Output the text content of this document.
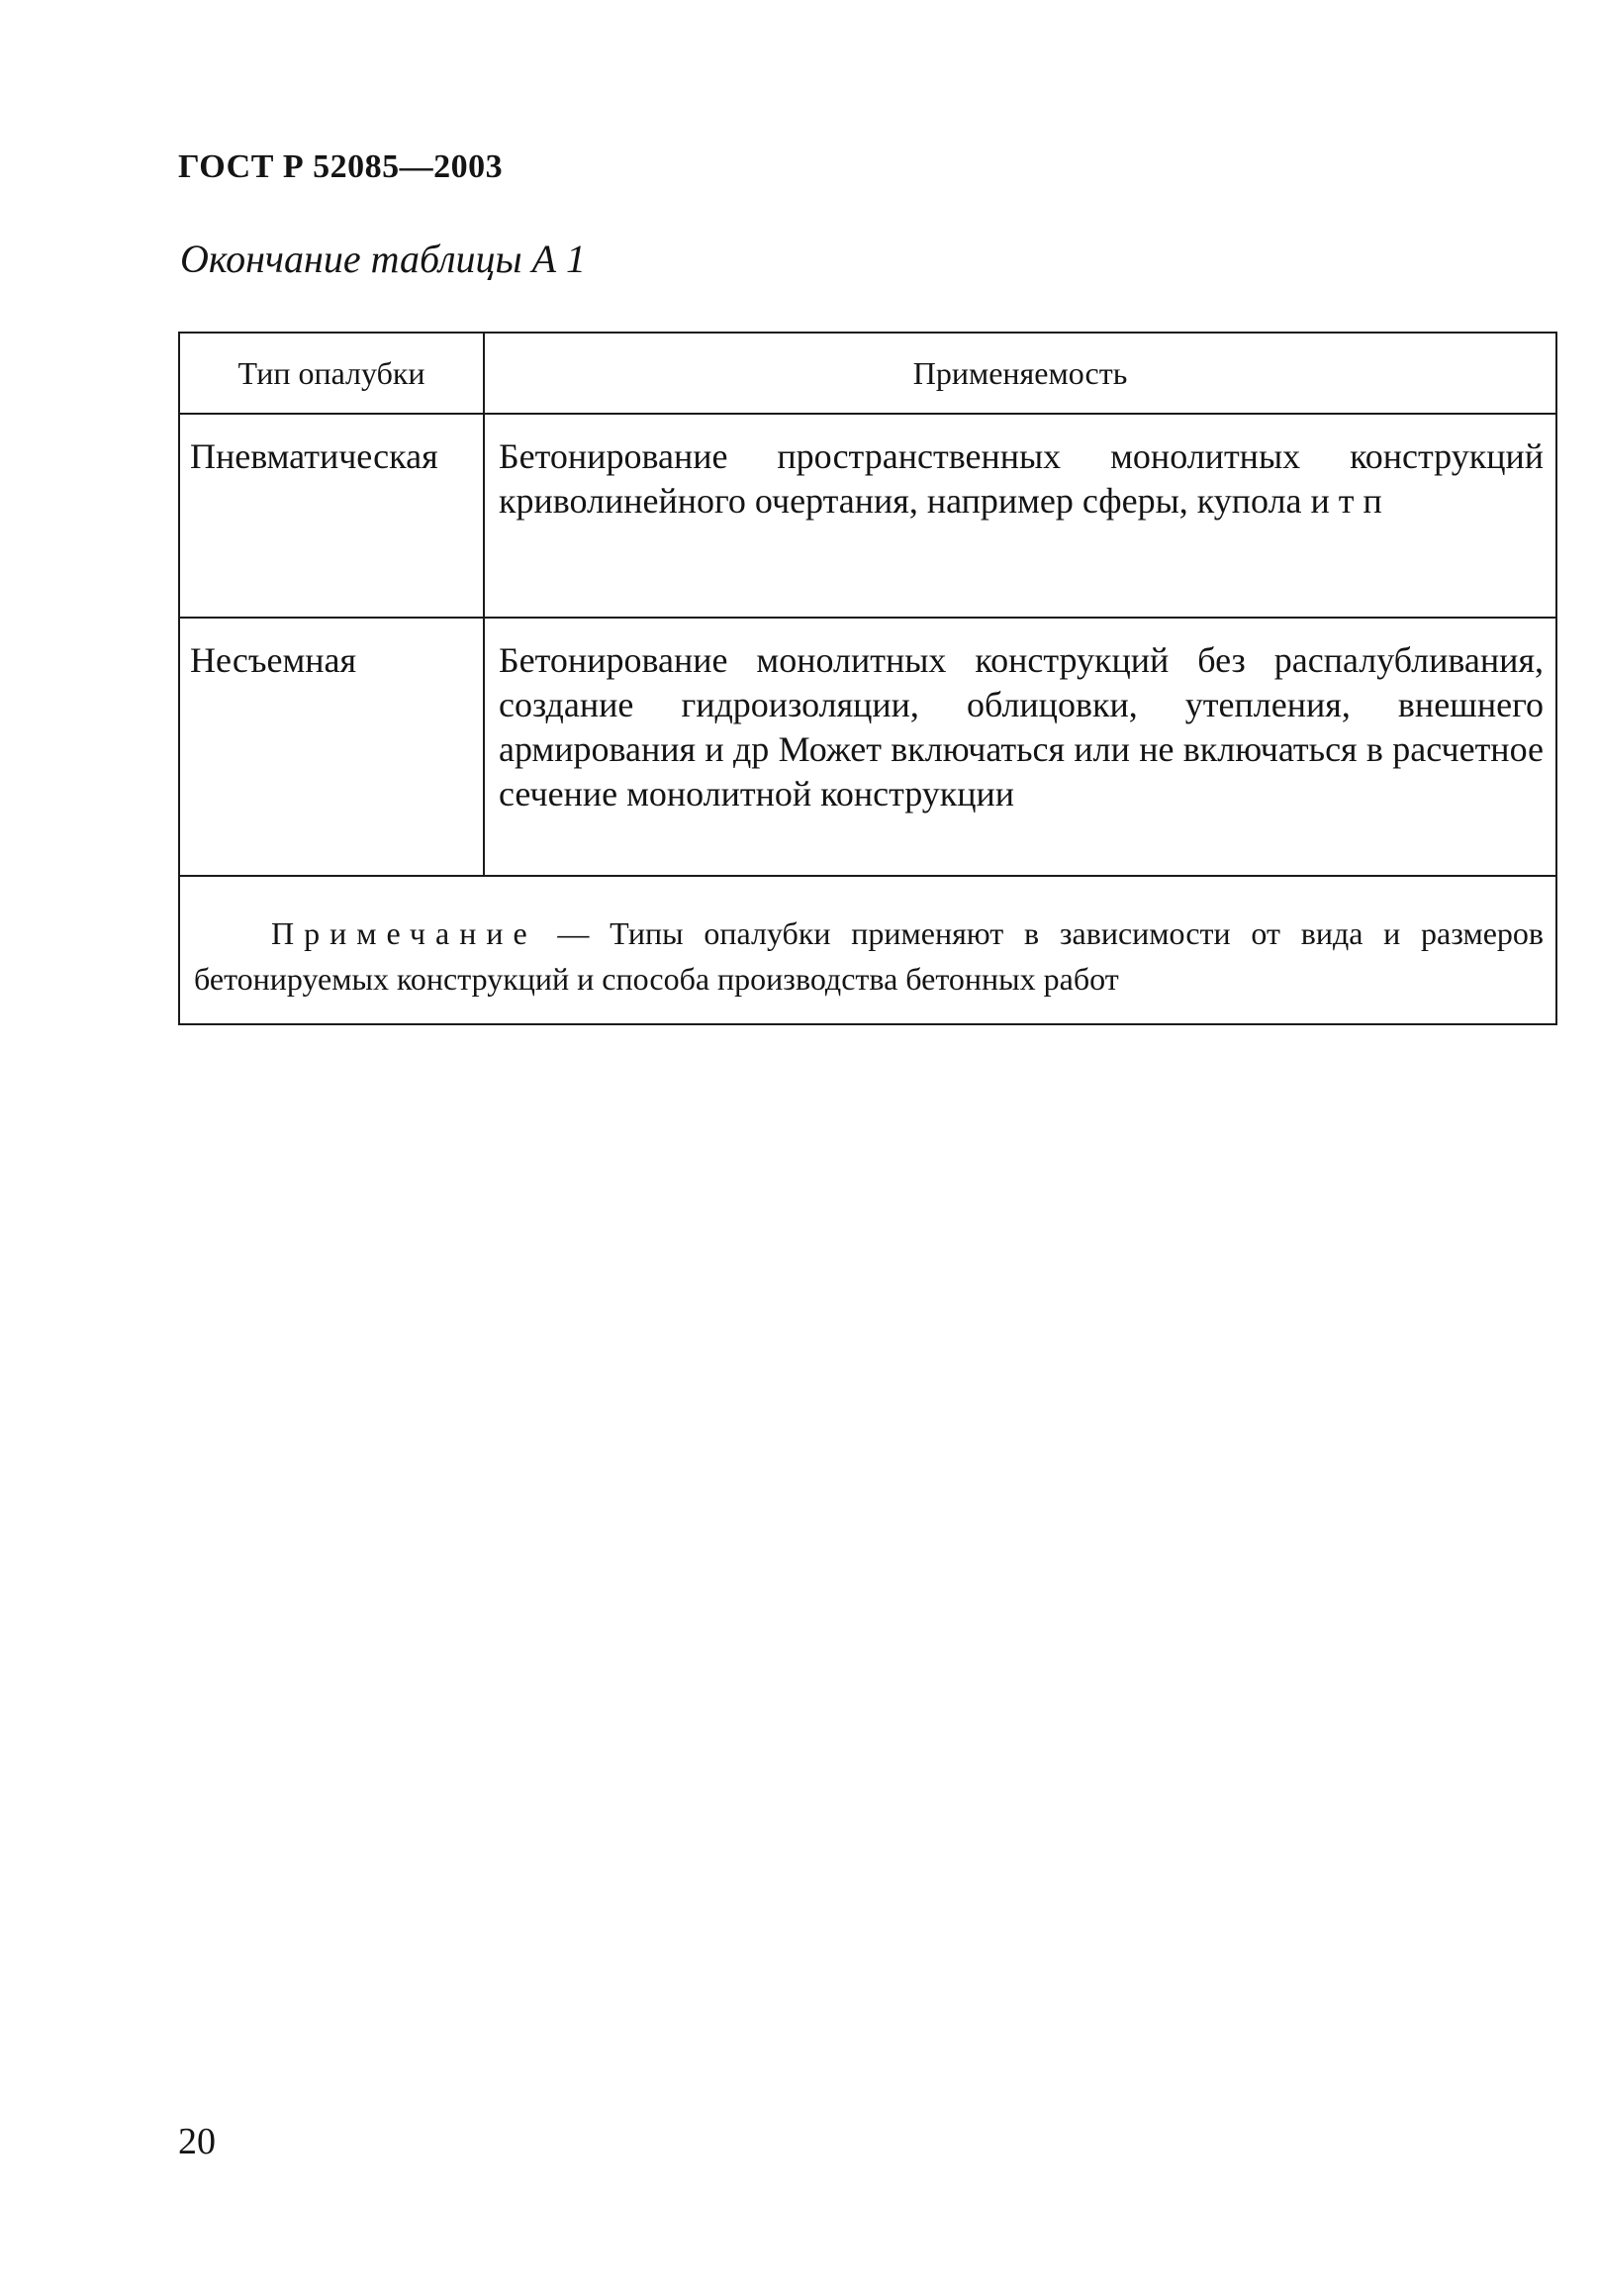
ГОСТ Р 52085—2003
Окончание таблицы А 1
Тип опалубки	Применяемость
Пневматическая	Бетонирование пространственных монолитных конструкций криволинейного очертания, например сферы, купола и т п
Несъемная	Бетонирование монолитных конструкций без распалубливания, создание гидроизоляции, облицовки, утепления, внешнего армирования и др Может включаться или не включаться в расчетное сечение монолитной конструкции

Примечание — Типы опалубки применяют в зависимости от вида и размеров бетонируемых конструкций и способа производства бетонных работ	
20
